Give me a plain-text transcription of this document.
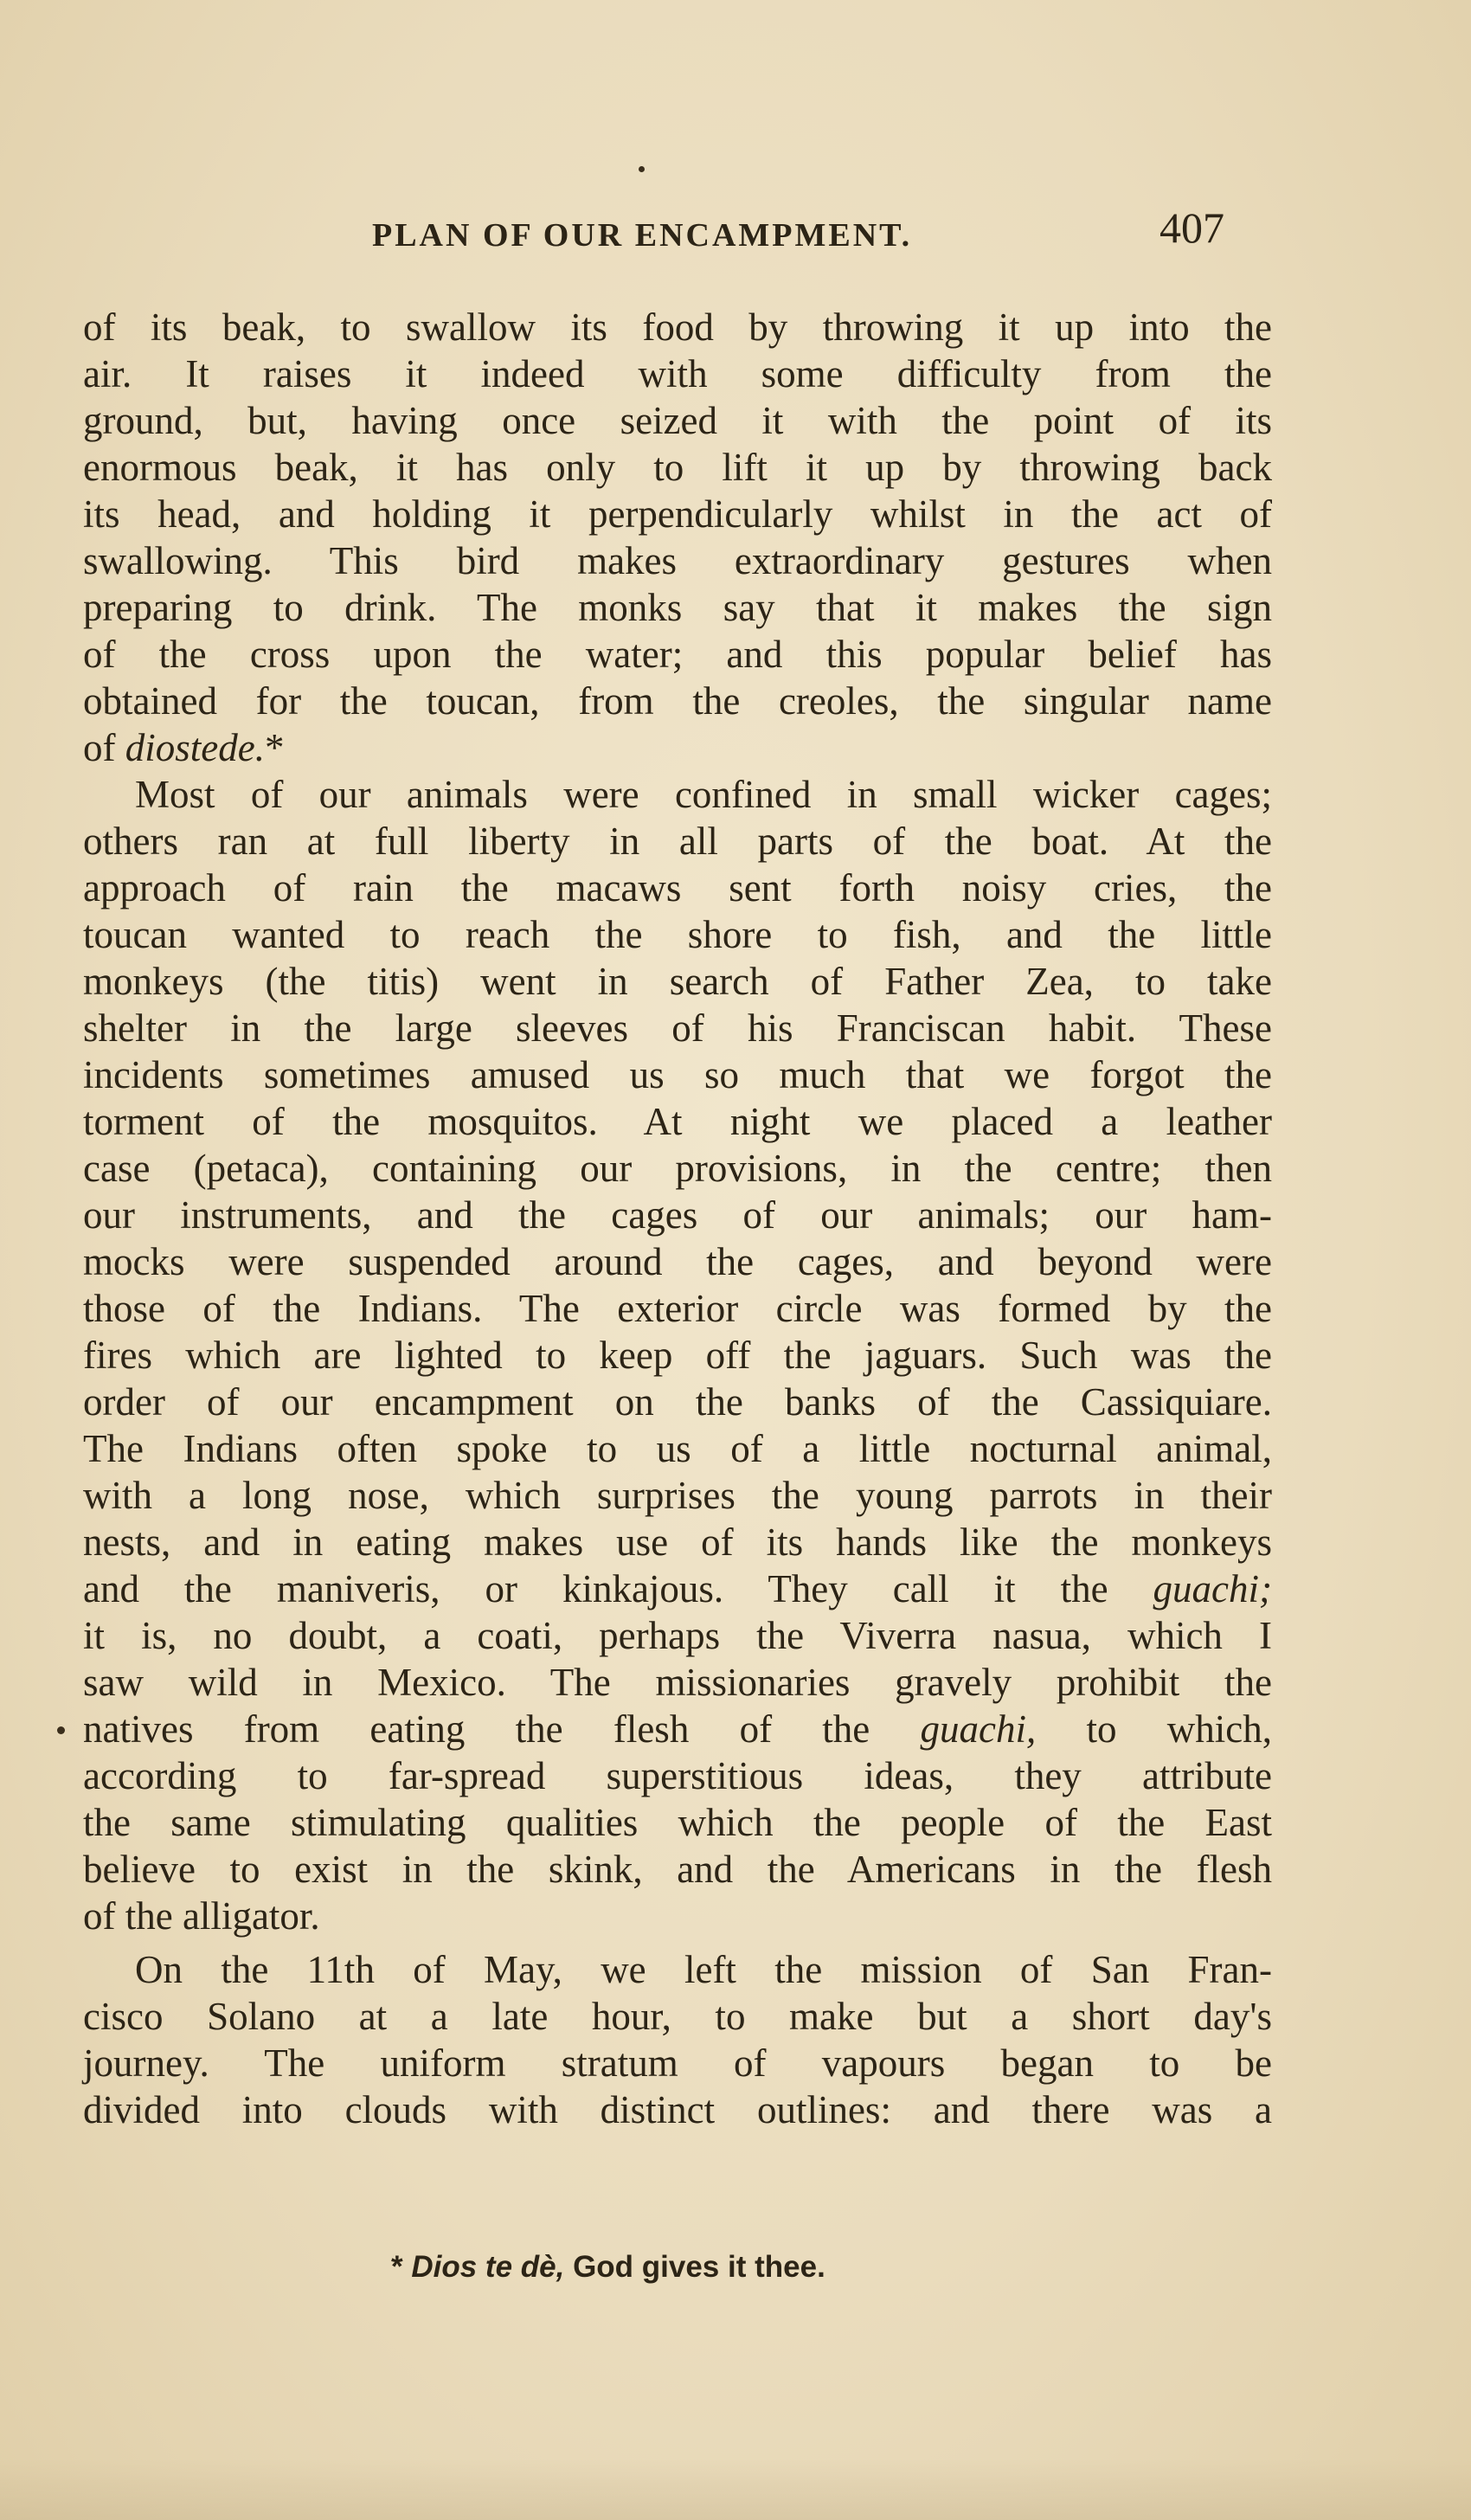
PLAN OF OUR ENCAMPMENT.	407
of its beak, to swallow its food by throwing it up into the
air. It raises it indeed with some difficulty from the
ground, but, having once seized it with the point of its
enormous beak, it has only to lift it up by throwing back
its head, and holding it perpendicularly whilst in the act of
swallowing. This bird makes extraordinary gestures when
preparing to drink. The monks say that it makes the sign
of the cross upon the water; and this popular belief has
obtained for the toucan, from the creoles, the singular name
of diostede.*
Most of our animals were confined in small wicker cages;
others ran at full liberty in all parts of the boat. At the
approach of rain the macaws sent forth noisy cries, the
toucan wanted to reach the shore to fish, and the little
monkeys (the titis) went in search of Father Zea, to take
shelter in the large sleeves of his Franciscan habit. These
incidents sometimes amused us so much that we forgot the
torment of the mosquitos. At night we placed a leather
case (petaca), containing our provisions, in the centre; then
our instruments, and the cages of our animals; our ham-
mocks were suspended around the cages, and beyond were
those of the Indians. The exterior circle was formed by the
fires which are lighted to keep off the jaguars. Such was the
order of our encampment on the banks of the Cassiquiare.
The Indians often spoke to us of a little nocturnal animal,
with a long nose, which surprises the young parrots in their
nests, and in eating makes use of its hands like the monkeys
and the maniveris, or kinkajous. They call it the guachi;
it is, no doubt, a coati, perhaps the Viverra nasua, which I
saw wild in Mexico. The missionaries gravely prohibit the
natives from eating the flesh of the guachi, to which,
according to far-spread superstitious ideas, they attribute
the same stimulating qualities which the people of the East
believe to exist in the skink, and the Americans in the flesh
of the alligator.
On the 11th of May, we left the mission of San Fran-
cisco Solano at a late hour, to make but a short day's
journey. The uniform stratum of vapours began to be
divided into clouds with distinct outlines: and there was a
* Dios te dè, God gives it thee.
